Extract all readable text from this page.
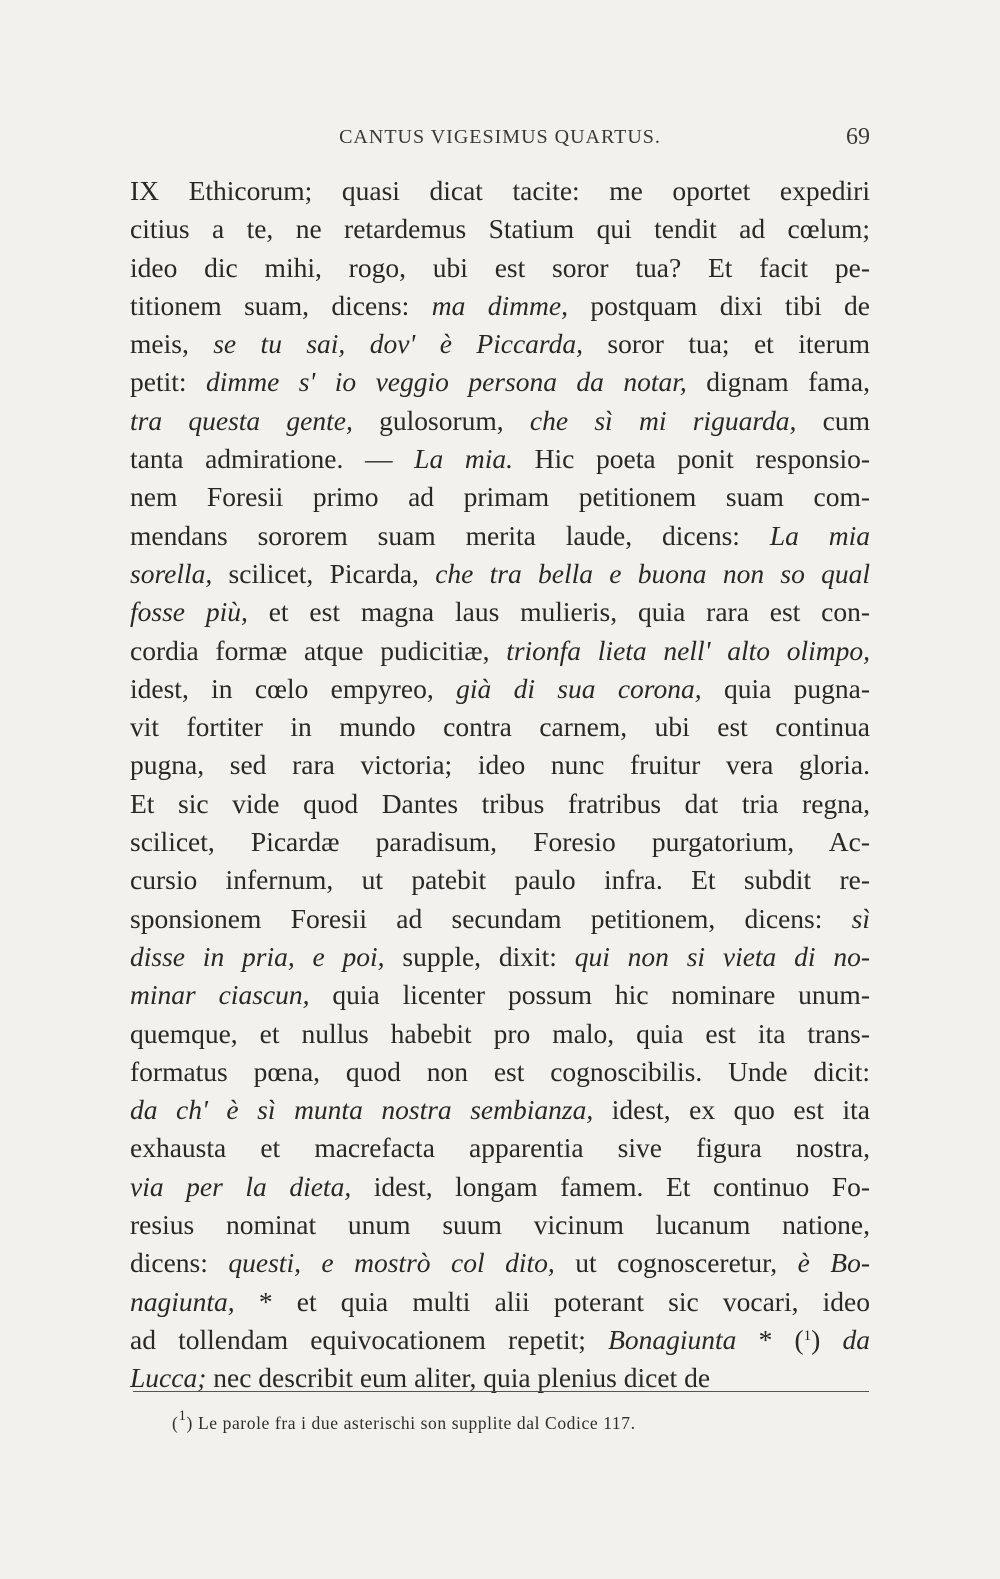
CANTUS VIGESIMUS QUARTUS.	69
IX Ethicorum; quasi dicat tacite: me oportet expediri
citius a te, ne retardemus Statium qui tendit ad cœlum;
ideo dic mihi, rogo, ubi est soror tua? Et facit pe-
titionem suam, dicens: ma dimme, postquam dixi tibi de
meis, se tu sai, dov' è Piccarda, soror tua; et iterum
petit: dimme s' io veggio persona da notar, dignam fama,
tra questa gente, gulosorum, che sì mi riguarda, cum
tanta admiratione. — La mia. Hic poeta ponit responsio-
nem Foresii primo ad primam petitionem suam com-
mendans sororem suam merita laude, dicens: La mia
sorella, scilicet, Picarda, che tra bella e buona non so qual
fosse più, et est magna laus mulieris, quia rara est con-
cordia formæ atque pudicitiæ, trionfa lieta nell' alto olimpo,
idest, in cœlo empyreo, già di sua corona, quia pugna-
vit fortiter in mundo contra carnem, ubi est continua
pugna, sed rara victoria; ideo nunc fruitur vera gloria.
Et sic vide quod Dantes tribus fratribus dat tria regna,
scilicet, Picardæ paradisum, Foresio purgatorium, Ac-
cursio infernum, ut patebit paulo infra. Et subdit re-
sponsionem Foresii ad secundam petitionem, dicens: sì
disse in pria, e poi, supple, dixit: qui non si vieta di no-
minar ciascun, quia licenter possum hic nominare unum-
quemque, et nullus habebit pro malo, quia est ita trans-
formatus pœna, quod non est cognoscibilis. Unde dicit:
da ch' è sì munta nostra sembianza, idest, ex quo est ita
exhausta et macrefacta apparentia sive figura nostra,
via per la dieta, idest, longam famem. Et continuo Fo-
resius nominat unum suum vicinum lucanum natione,
dicens: questi, e mostrò col dito, ut cognosceretur, è Bo-
nagiunta, * et quia multi alii poterant sic vocari, ideo
ad tollendam equivocationem repetit; Bonagiunta * ($^1$) da
Lucca; nec describit eum aliter, quia plenius dicet de
($^1$) Le parole fra i due asterischi son supplite dal Codice 117.
